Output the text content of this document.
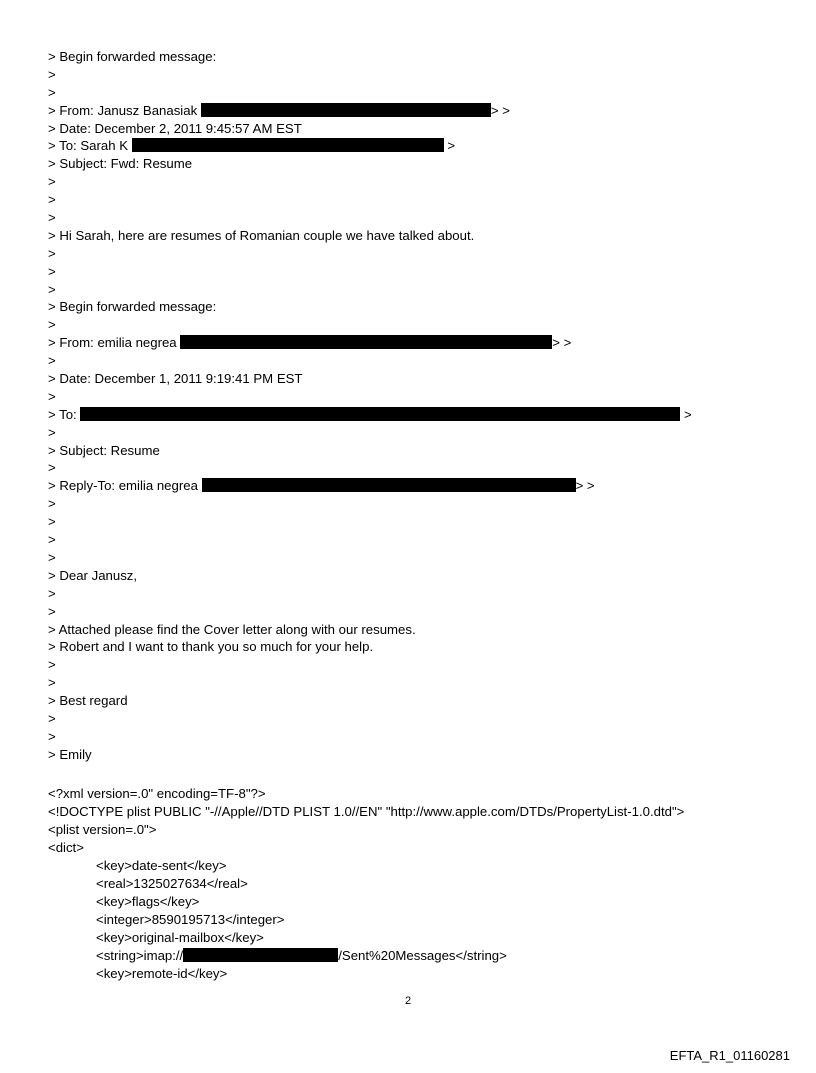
> Begin forwarded message:
>
>
> From: Janusz Banasiak	> >
> Date: December 2, 2011 9:45:57 AM EST
> To: Sarah K	>
> Subject: Fwd: Resume
>
>
>
> Hi Sarah, here are resumes of Romanian couple we have talked about.
>
>
>
> Begin forwarded message:
>
> From: emilia negrea	> >
>
> Date: December 1, 2011 9:19:41 PM EST
>
> To:	>
>
> Subject: Resume
>
> Reply-To: emilia negrea	> >
>
>
>
>
> Dear Janusz,
>
>
> Attached please find the Cover letter along with our resumes.
> Robert and I want to thank you so much for your help.
>
>
> Best regard
>
>
> Emily
<?xml version=.0" encoding=TF-8"?>
<!DOCTYPE plist PUBLIC "-//Apple//DTD PLIST 1.0//EN" "http://www.apple.com/DTDs/PropertyList-1.0.dtd">
<plist version=.0">
<dict>
<key>date-sent</key>
<real>1325027634</real>
<key>flags</key>
<integer>8590195713</integer>
<key>original-mailbox</key>
<string>imap://	/Sent%20Messages</string>
<key>remote-id</key>
2
EFTA_R1_01160281
